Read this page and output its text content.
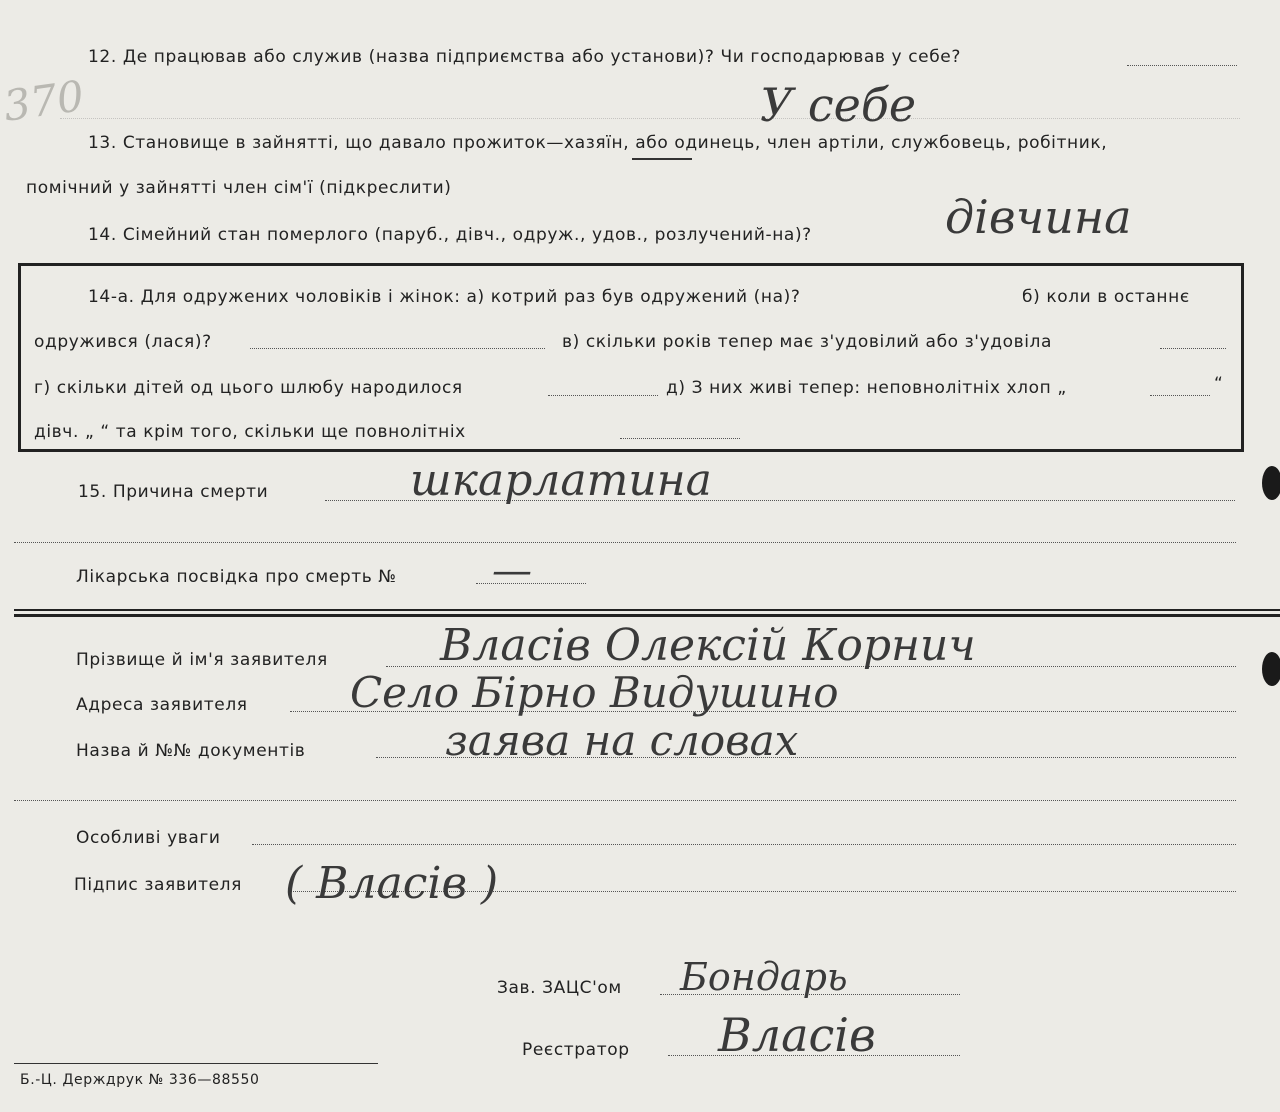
370
12. Де працював або служив (назва підприємства або установи)? Чи господарював у себе?
У себе
13. Становище в зайнятті, що давало прожиток—хазяїн, або одинець, член артіли, службовець, робітник,
помічний у зайнятті член сім'ї (підкреслити)
14. Сімейний стан померлого (паруб., дівч., одруж., удов., розлучений-на)?	дівчина
14-а. Для одружених чоловіків і жінок: а) котрий раз був одружений (на)?	б) коли в останнє
одружився (лася)?	в) скільки років тепер має з'удовілий або з'удовіла
г) скільки дітей од цього шлюбу народилося	д) З них живі тепер: неповнолітніх хлоп „	“
дівч. „ “ та крім того, скільки ще повнолітніх
15. Причина смерти	шкарлатина
Лікарська посвідка про смерть № —
Прізвище й ім'я заявителя	Власів Олексій Корнич
Адреса заявителя Село Бірно Видушино
Назва й №№ документів	заява на словах
Особливі уваги
Підпис заявителя ( Власів )
Зав. ЗАЦС'ом Бондарь
Реєстратор Власів
Б.-Ц. Держдрук № 336—88550
